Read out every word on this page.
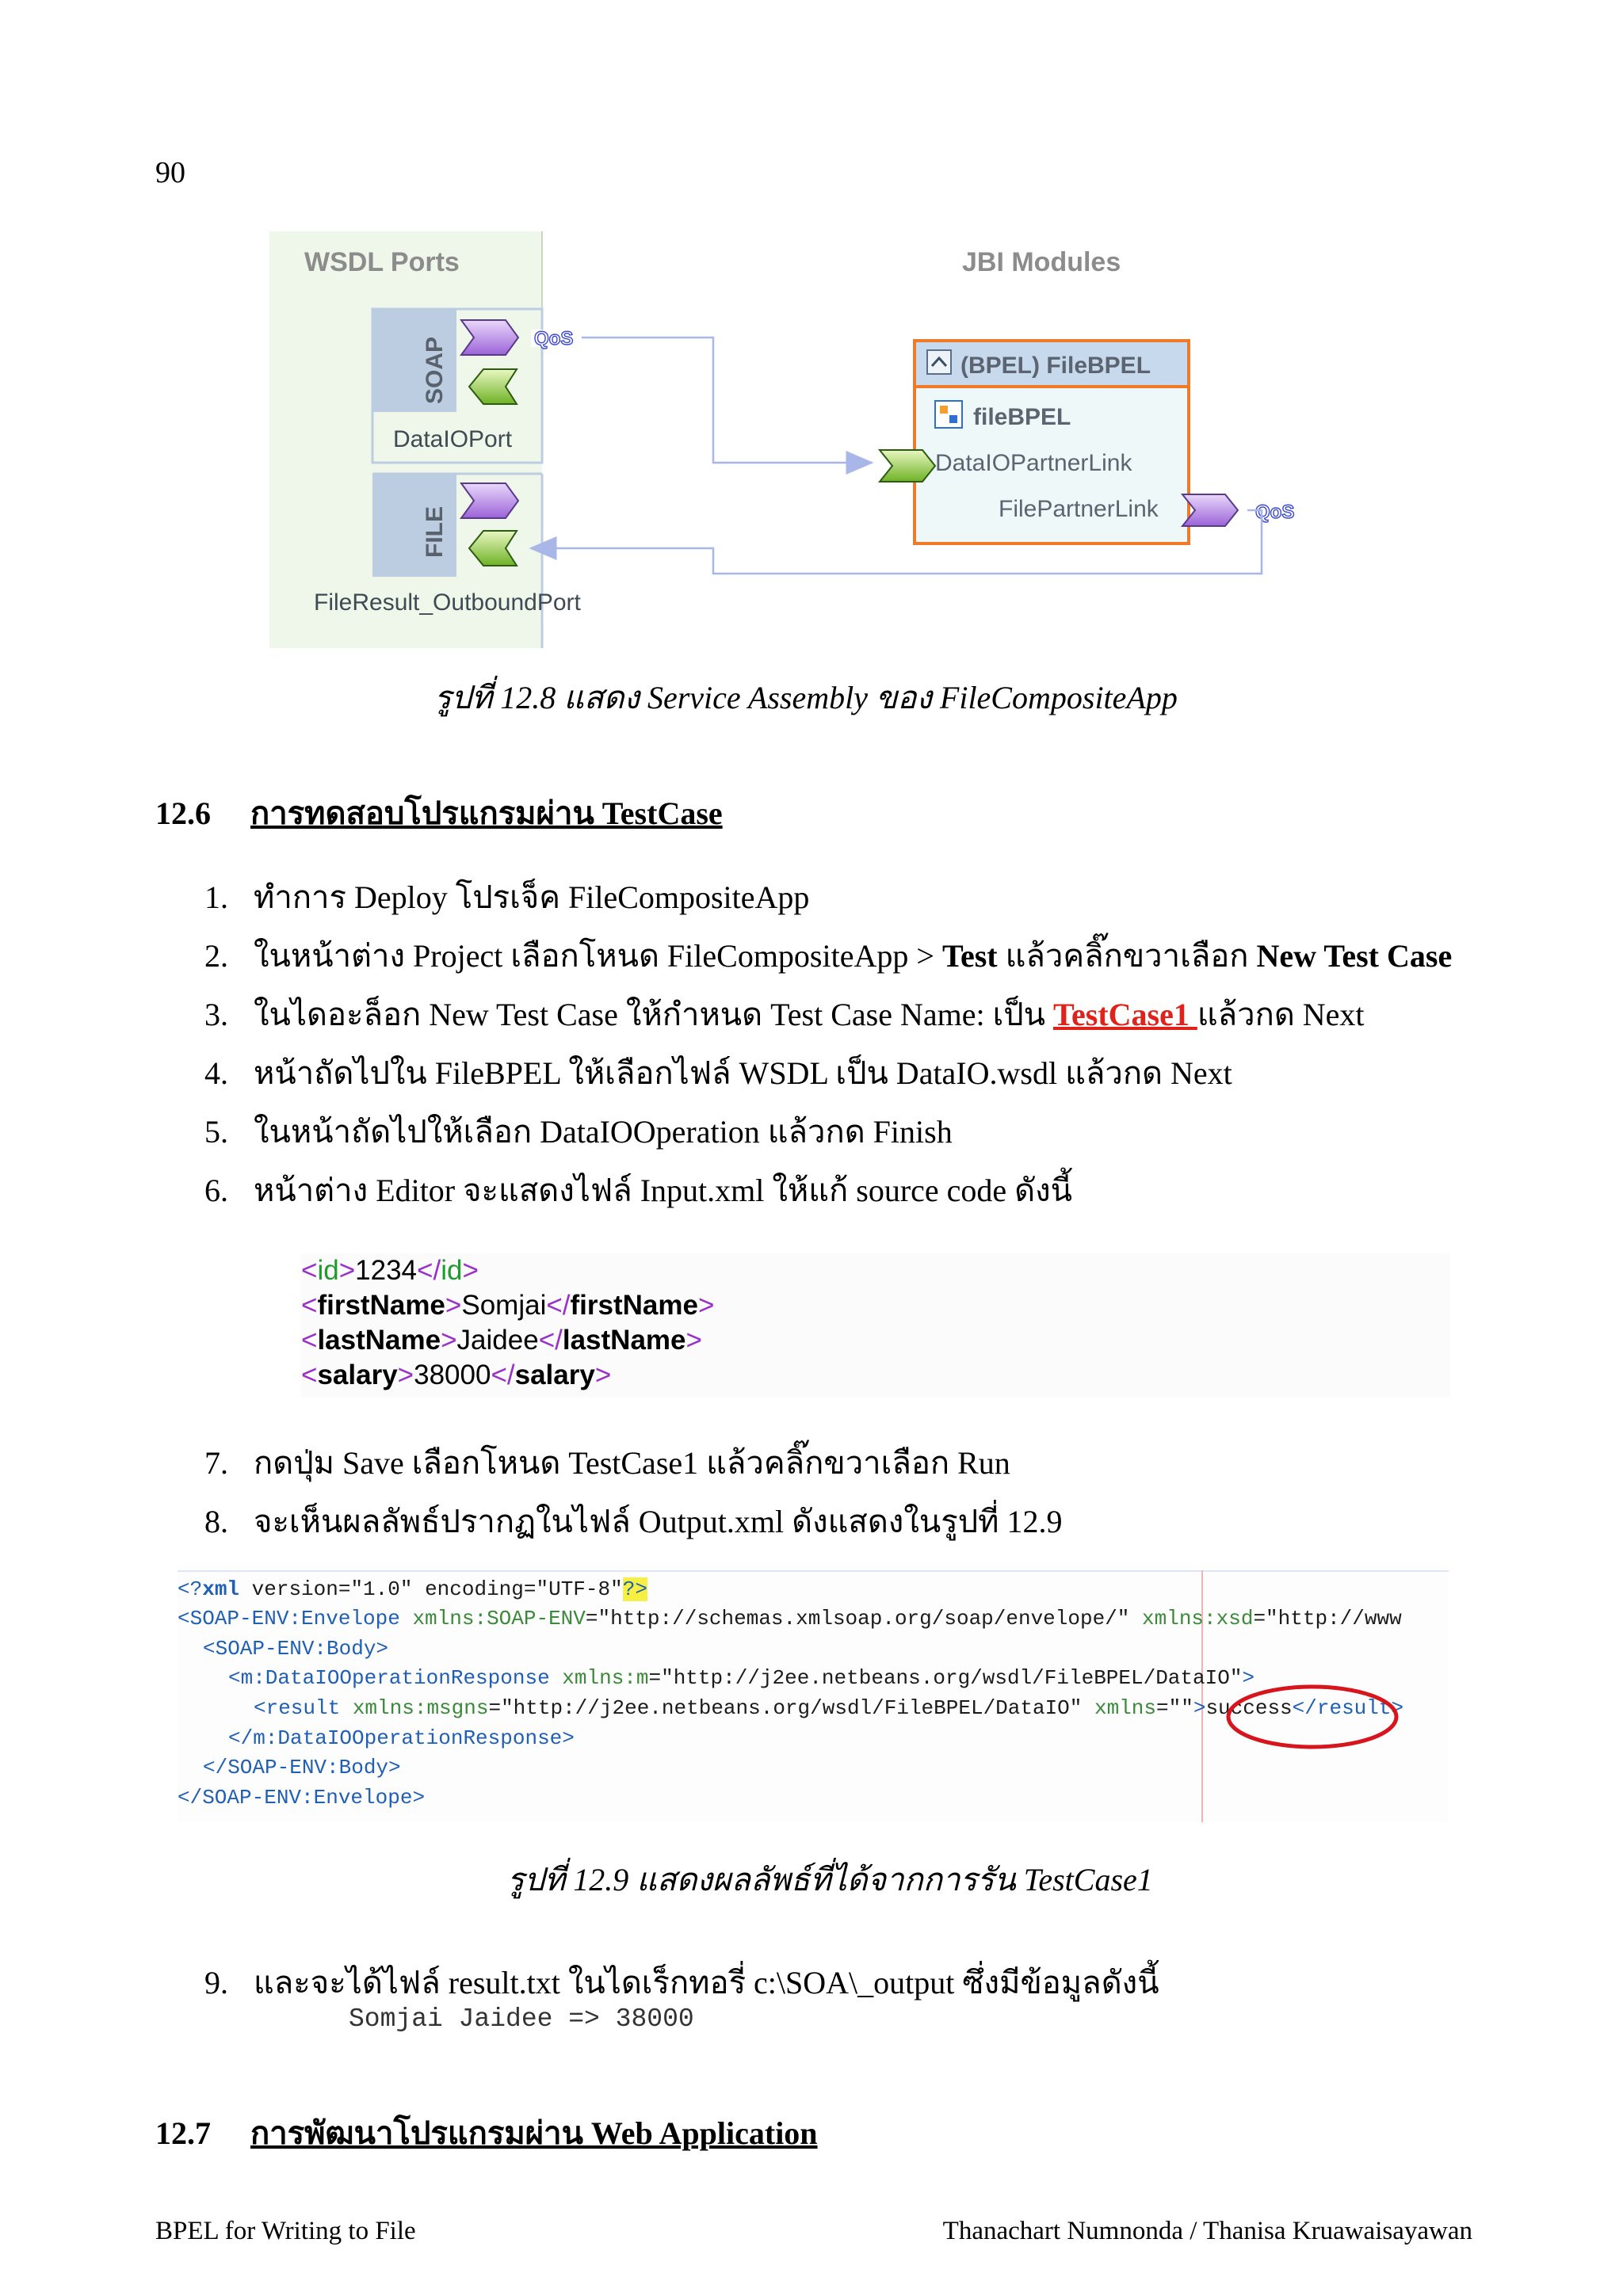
90
WSDL Ports	JBI Modules
SOAP
DataIOPort
FILE
FileResult_OutboundPort
QoS
QoS
(BPEL) FileBPEL
fileBPEL
DataIOPartnerLink
FilePartnerLink
รูปที่ 12.8 แสดง Service Assembly ของ FileCompositeApp
12.6 การทดสอบโปรแกรมผ่าน TestCase
1. ทำการ Deploy โปรเจ็ค FileCompositeApp
2. ในหน้าต่าง Project เลือกโหนด FileCompositeApp > Test แล้วคลิ๊กขวาเลือก New Test Case
3. ในไดอะล็อก New Test Case ให้กำหนด Test Case Name: เป็น TestCase1 แล้วกด Next
4. หน้าถัดไปใน FileBPEL ให้เลือกไฟล์ WSDL เป็น DataIO.wsdl แล้วกด Next
5. ในหน้าถัดไปให้เลือก DataIOOperation แล้วกด Finish
6. หน้าต่าง Editor จะแสดงไฟล์ Input.xml ให้แก้ source code ดังนี้
<id>1234</id>
<firstName>Somjai</firstName>
<lastName>Jaidee</lastName>
<salary>38000</salary>
7. กดปุ่ม Save เลือกโหนด TestCase1 แล้วคลิ๊กขวาเลือก Run
8. จะเห็นผลลัพธ์ปรากฏในไฟล์ Output.xml ดังแสดงในรูปที่ 12.9
<?xml version="1.0" encoding="UTF-8"?>
<SOAP-ENV:Envelope xmlns:SOAP-ENV="http://schemas.xmlsoap.org/soap/envelope/" xmlns:xsd="http://www
<SOAP-ENV:Body>
<m:DataIOOperationResponse xmlns:m="http://j2ee.netbeans.org/wsdl/FileBPEL/DataIO">
<result xmlns:msgns="http://j2ee.netbeans.org/wsdl/FileBPEL/DataIO" xmlns="">success</result>
</m:DataIOOperationResponse>
</SOAP-ENV:Body>
</SOAP-ENV:Envelope>
รูปที่ 12.9 แสดงผลลัพธ์ที่ได้จากการรัน TestCase1
9. และจะได้ไฟล์ result.txt ในไดเร็กทอรี่ c:\SOA\_output ซึ่งมีข้อมูลดังนี้
Somjai Jaidee => 38000
12.7 การพัฒนาโปรแกรมผ่าน Web Application
BPEL for Writing to File	Thanachart Numnonda / Thanisa Kruawaisayawan
